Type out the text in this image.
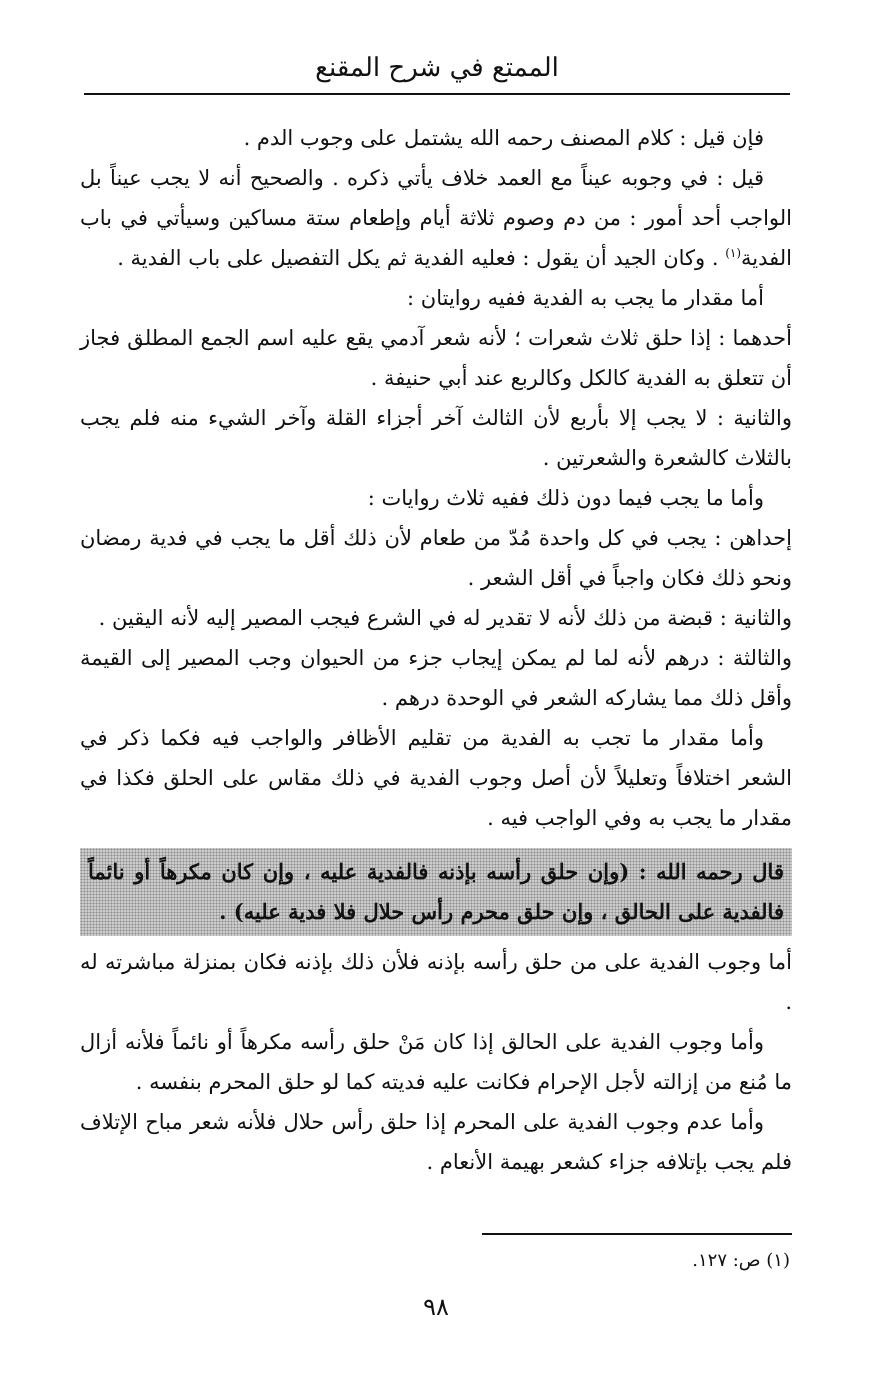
الممتع في شرح المقنع

فإن قيل : كلام المصنف رحمه الله يشتمل على وجوب الدم .

قيل : في وجوبه عيناً مع العمد خلاف يأتي ذكره . والصحيح أنه لا يجب عيناً بل الواجب أحد أمور : من دم وصوم ثلاثة أيام وإطعام ستة مساكين وسيأتي في باب الفدية$^{(١)}$ . وكان الجيد أن يقول : فعليه الفدية ثم يكل التفصيل على باب الفدية .

أما مقدار ما يجب به الفدية ففيه روايتان :

أحدهما : إذا حلق ثلاث شعرات ؛ لأنه شعر آدمي يقع عليه اسم الجمع المطلق فجاز أن تتعلق به الفدية كالكل وكالربع عند أبي حنيفة .

والثانية : لا يجب إلا بأربع لأن الثالث آخر أجزاء القلة وآخر الشيء منه فلم يجب بالثلاث كالشعرة والشعرتين .

وأما ما يجب فيما دون ذلك ففيه ثلاث روايات :

إحداهن : يجب في كل واحدة مُدّ من طعام لأن ذلك أقل ما يجب في فدية رمضان ونحو ذلك فكان واجباً في أقل الشعر .

والثانية : قبضة من ذلك لأنه لا تقدير له في الشرع فيجب المصير إليه لأنه اليقين .

والثالثة : درهم لأنه لما لم يمكن إيجاب جزء من الحيوان وجب المصير إلى القيمة وأقل ذلك مما يشاركه الشعر في الوحدة درهم .

وأما مقدار ما تجب به الفدية من تقليم الأظافر والواجب فيه فكما ذكر في الشعر اختلافاً وتعليلاً لأن أصل وجوب الفدية في ذلك مقاس على الحلق فكذا في مقدار ما يجب به وفي الواجب فيه .

قال رحمه الله : (وإن حلق رأسه بإذنه فالفدية عليه ، وإن كان مكرهاً أو نائماً فالفدية على الحالق ، وإن حلق محرم رأس حلال فلا فدية عليه) .

أما وجوب الفدية على من حلق رأسه بإذنه فلأن ذلك بإذنه فكان بمنزلة مباشرته له .

وأما وجوب الفدية على الحالق إذا كان مَنْ حلق رأسه مكرهاً أو نائماً فلأنه أزال ما مُنع من إزالته لأجل الإحرام فكانت عليه فديته كما لو حلق المحرم بنفسه .

وأما عدم وجوب الفدية على المحرم إذا حلق رأس حلال فلأنه شعر مباح الإتلاف فلم يجب بإتلافه جزاء كشعر بهيمة الأنعام .

(١) ص: ١٢٧.
٩٨
